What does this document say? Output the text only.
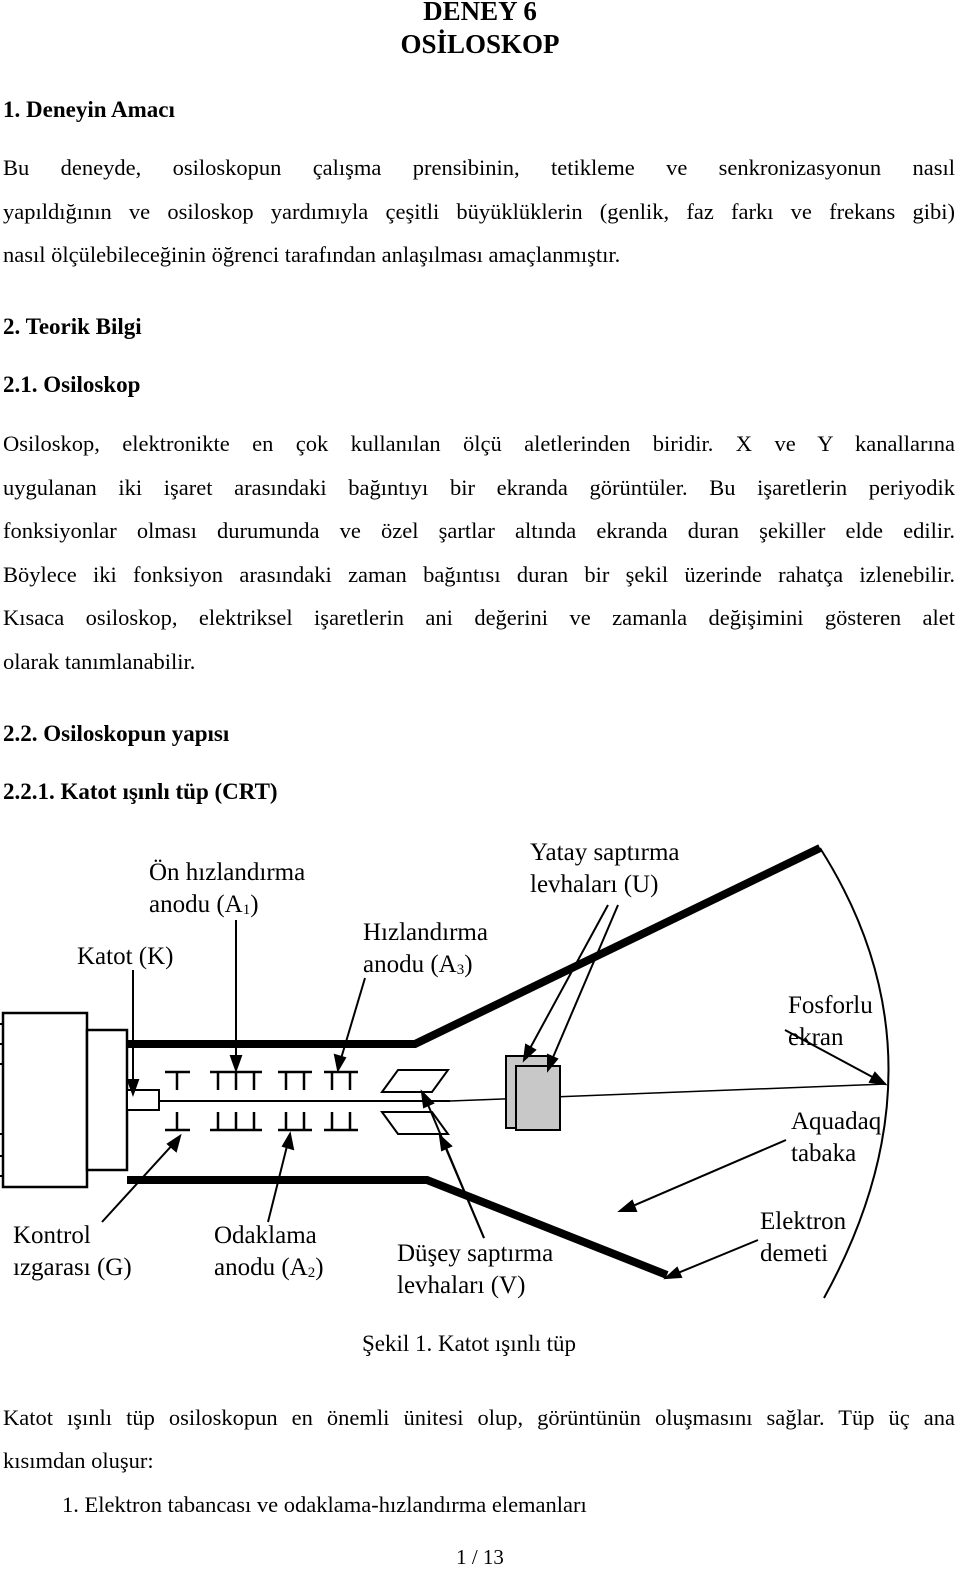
DENEY 6
OSİLOSKOP
1. Deneyin Amacı
Bu deneyde, osiloskopun çalışma prensibinin, tetikleme ve senkronizasyonun nasıl
yapıldığının ve osiloskop yardımıyla çeşitli büyüklüklerin (genlik, faz farkı ve frekans gibi)
nasıl ölçülebileceğinin öğrenci tarafından anlaşılması amaçlanmıştır.
2. Teorik Bilgi
2.1. Osiloskop
Osiloskop, elektronikte en çok kullanılan ölçü aletlerinden biridir. X ve Y kanallarına
uygulanan iki işaret arasındaki bağıntıyı bir ekranda görüntüler. Bu işaretlerin periyodik
fonksiyonlar olması durumunda ve özel şartlar altında ekranda duran şekiller elde edilir.
Böylece iki fonksiyon arasındaki zaman bağıntısı duran bir şekil üzerinde rahatça izlenebilir.
Kısaca osiloskop, elektriksel işaretlerin ani değerini ve zamanla değişimini gösteren alet
olarak tanımlanabilir.
2.2. Osiloskopun yapısı
2.2.1. Katot ışınlı tüp (CRT)
Ön hızlandırma
anodu $(A_1)$
Katot (K)
Hızlandırma
anodu $(A_3)$
Yatay saptırma
levhaları (U)
Fosforlu
ekran
Aquadaq
tabaka
Elektron
demeti
Kontrol
ızgarası (G)
Odaklama
anodu $(A_2)$
Düşey saptırma
levhaları (V)
Şekil 1. Katot ışınlı tüp
Katot ışınlı tüp osiloskopun en önemli ünitesi olup, görüntünün oluşmasını sağlar. Tüp üç ana
kısımdan oluşur:
1. Elektron tabancası ve odaklama-hızlandırma elemanları
1 / 13
